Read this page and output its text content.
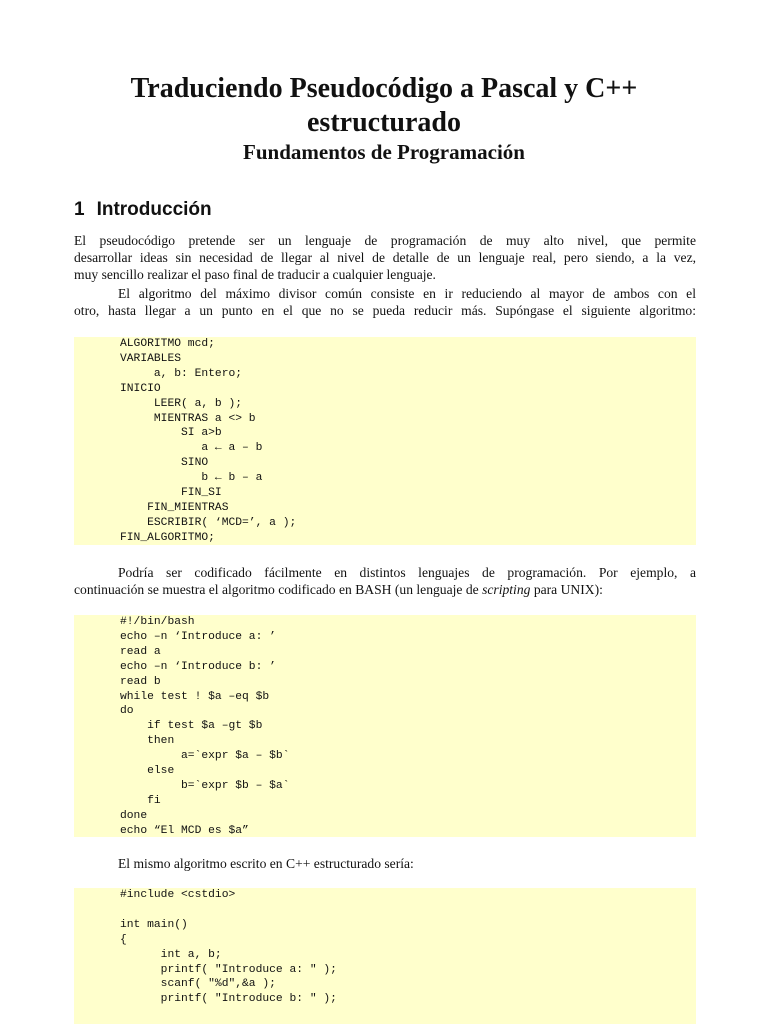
Traduciendo Pseudocódigo a Pascal y C++
estructurado
Fundamentos de Programación
1 Introducción

El pseudocódigo pretende ser un lenguaje de programación de muy alto nivel, que permite
desarrollar ideas sin necesidad de llegar al nivel de detalle de un lenguaje real, pero siendo, a la vez,
muy sencillo realizar el paso final de traducir a cualquier lenguaje.

El algoritmo del máximo divisor común consiste en ir reduciendo al mayor de ambos con el
otro, hasta llegar a un punto en el que no se pueda reducir más. Supóngase el siguiente algoritmo:

ALGORITMO mcd;
VARIABLES
a, b: Entero;
INICIO
LEER( a, b );
MIENTRAS a <> b
SI a>b
a ← a – b
SINO
b ← b – a
FIN_SI
FIN_MIENTRAS
ESCRIBIR( ‘MCD=’, a );
FIN_ALGORITMO;

Podría ser codificado fácilmente en distintos lenguajes de programación. Por ejemplo, a
continuación se muestra el algoritmo codificado en BASH (un lenguaje de scripting para UNIX):

#!/bin/bash
echo –n ‘Introduce a: ’
read a
echo –n ‘Introduce b: ’
read b
while test ! $a –eq $b
do
if test $a –gt $b
then
a=`expr $a – $b`
else
b=`expr $b – $a`
fi
done
echo “El MCD es $a”

El mismo algoritmo escrito en C++ estructurado sería:

#include <cstdio>

int main()
{
int a, b;
printf( "Introduce a: " );
scanf( "%d",&a );
printf( "Introduce b: " );
